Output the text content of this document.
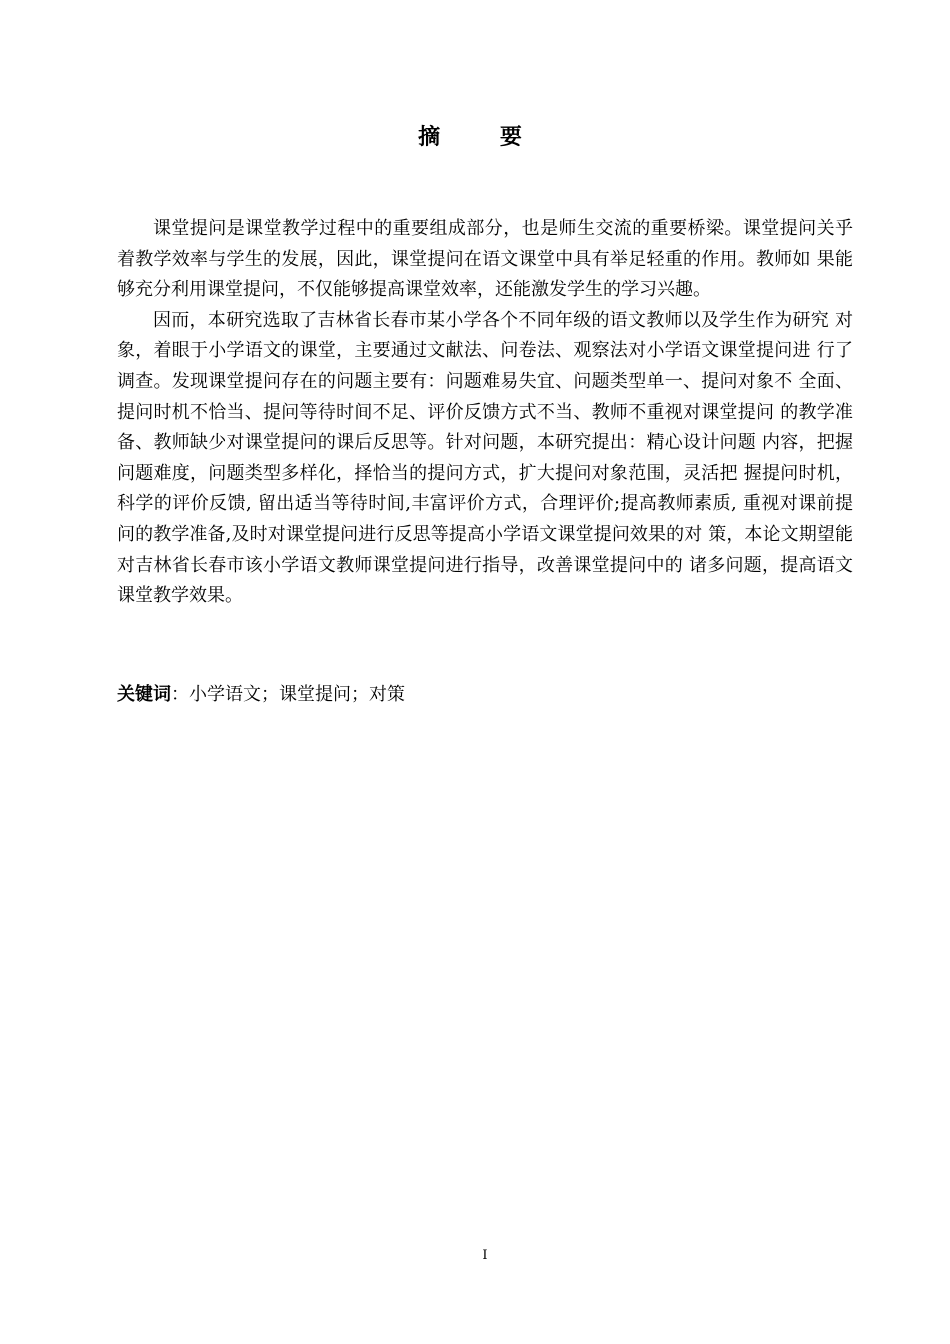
摘 要

课堂提问是课堂教学过程中的重要组成部分，也是师生交流的重要桥梁。课堂提问关乎着教学效率与学生的发展，因此，课堂提问在语文课堂中具有举足轻重的作用。教师如 果能够充分利用课堂提问，不仅能够提高课堂效率，还能激发学生的学习兴趣。

因而，本研究选取了吉林省长春市某小学各个不同年级的语文教师以及学生作为研究 对象，着眼于小学语文的课堂，主要通过文献法、问卷法、观察法对小学语文课堂提问进 行了调查。发现课堂提问存在的问题主要有：问题难易失宜、问题类型单一、提问对象不 全面、提问时机不恰当、提问等待时间不足、评价反馈方式不当、教师不重视对课堂提问 的教学准备、教师缺少对课堂提问的课后反思等。针对问题，本研究提出：精心设计问题 内容，把握问题难度，问题类型多样化，择恰当的提问方式，扩大提问对象范围，灵活把 握提问时机，科学的评价反馈, 留出适当等待时间,丰富评价方式，合理评价;提高教师素质, 重视对课前提问的教学准备,及时对课堂提问进行反思等提高小学语文课堂提问效果的对 策，本论文期望能对吉林省长春市该小学语文教师课堂提问进行指导，改善课堂提问中的 诸多问题，提高语文课堂教学效果。

关键词：小学语文；课堂提问；对策
I
